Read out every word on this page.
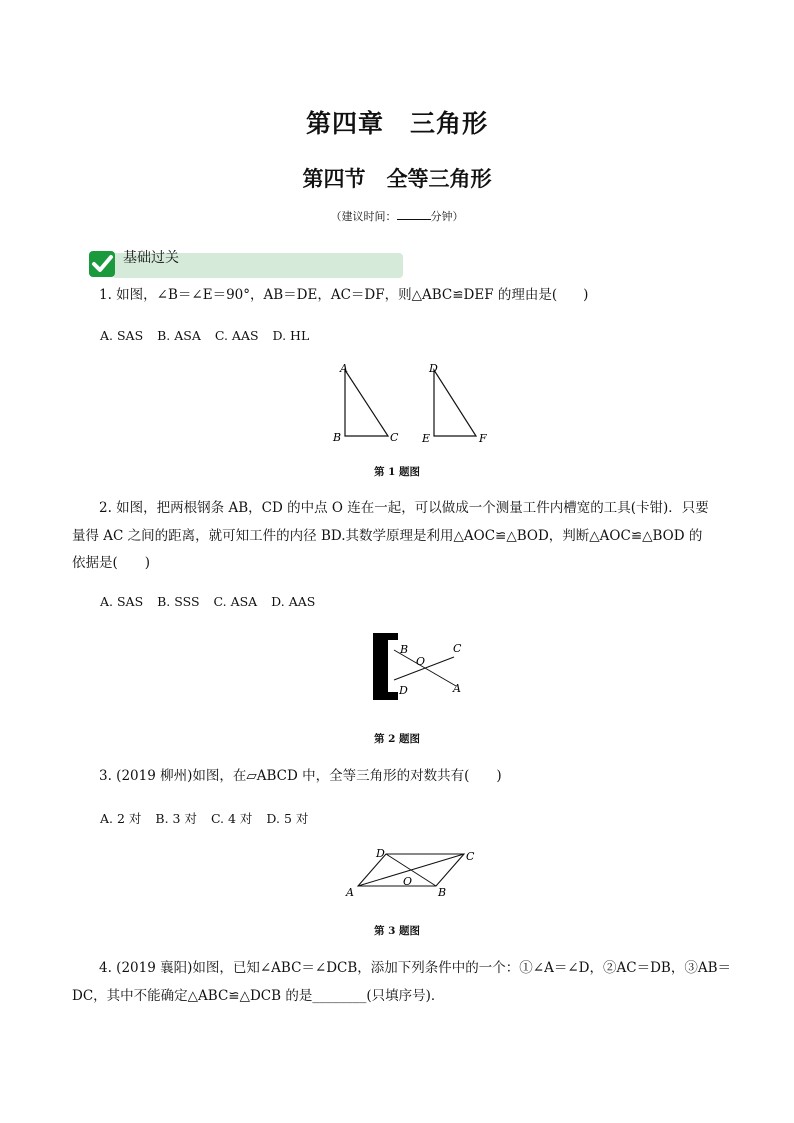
第四章　三角形
第四节　全等三角形
（建议时间：	分钟）
基础过关
1. 如图，∠B＝∠E＝90°，AB＝DE，AC＝DF，则△ABC≌DEF 的理由是( )
A. SAS B. ASA C. AAS D. HL
A
B	C
D
E	F
第 1 题图
2. 如图，把两根钢条 AB，CD 的中点 O 连在一起，可以做成一个测量工件内槽宽的工具(卡钳)．只要
量得 AC 之间的距离，就可知工件的内径 BD.其数学原理是利用△AOC≌△BOD，判断△AOC≌△BOD 的
依据是(　　)
A. SAS B. SSS C. ASA D. AAS
B
O
C
D	A
第 2 题图
3. (2019 柳州)如图，在▱ABCD 中，全等三角形的对数共有(　　)
A. 2 对 B. 3 对 C. 4 对 D. 5 对
D	C
A	B
O
第 3 题图
4. (2019 襄阳)如图，已知∠ABC＝∠DCB，添加下列条件中的一个：①∠A＝∠D，②AC＝DB，③AB＝
DC，其中不能确定△ABC≌△DCB 的是________(只填序号)．
